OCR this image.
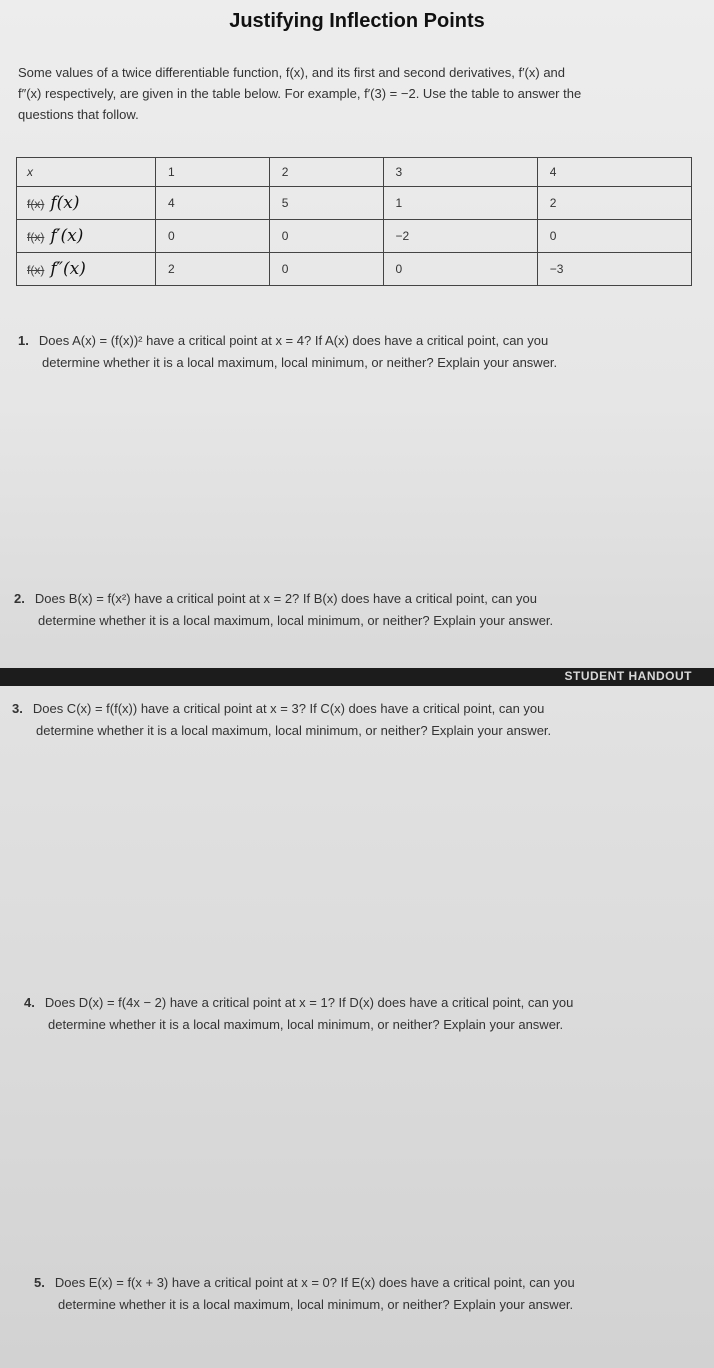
Justifying Inflection Points

Some values of a twice differentiable function, f(x), and its first and second derivatives, f′(x) and

f″(x) respectively, are given in the table below. For example, f′(3) = −2. Use the table to answer the

questions that follow.

x	1	2	3	4
f(x) f(x)	4	5	1	2
f(x) f′(x)	0	0	−2	0
f(x) f″(x)	2	0	0	−3
1. Does A(x) = (f(x))² have a critical point at x = 4? If A(x) does have a critical point, can you
determine whether it is a local maximum, local minimum, or neither? Explain your answer.
2. Does B(x) = f(x²) have a critical point at x = 2? If B(x) does have a critical point, can you
determine whether it is a local maximum, local minimum, or neither? Explain your answer.
STUDENT HANDOUT
3. Does C(x) = f(f(x)) have a critical point at x = 3? If C(x) does have a critical point, can you
determine whether it is a local maximum, local minimum, or neither? Explain your answer.
4. Does D(x) = f(4x − 2) have a critical point at x = 1? If D(x) does have a critical point, can you
determine whether it is a local maximum, local minimum, or neither? Explain your answer.
5. Does E(x) = f(x + 3) have a critical point at x = 0? If E(x) does have a critical point, can you
determine whether it is a local maximum, local minimum, or neither? Explain your answer.
